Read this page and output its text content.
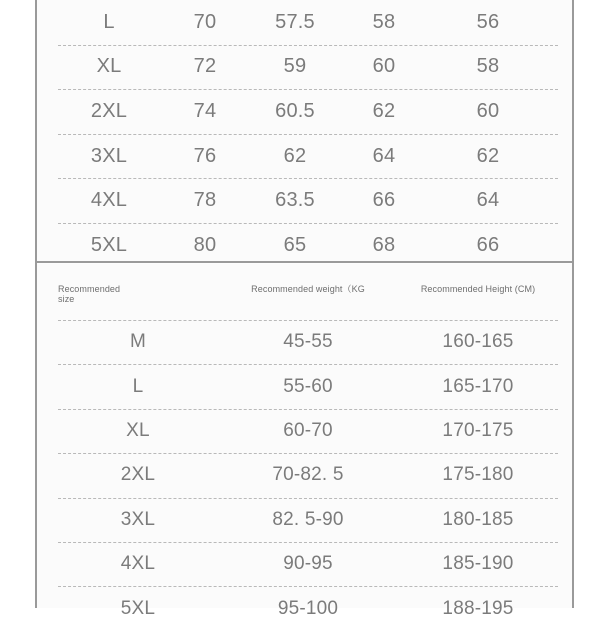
L	70	57.5	58	56
XL	72	59	60	58
2XL	74	60.5	62	60
3XL	76	62	64	62
4XL	78	63.5	66	64
5XL	80	65	68	66
Recommended
size
Recommended weight（KG	Recommended Height (CM)
M	45-55	160-165
L	55-60	165-170
XL	60-70	170-175
2XL	70-82. 5	175-180
3XL	82. 5-90	180-185
4XL	90-95	185-190
5XL	95-100	188-195
